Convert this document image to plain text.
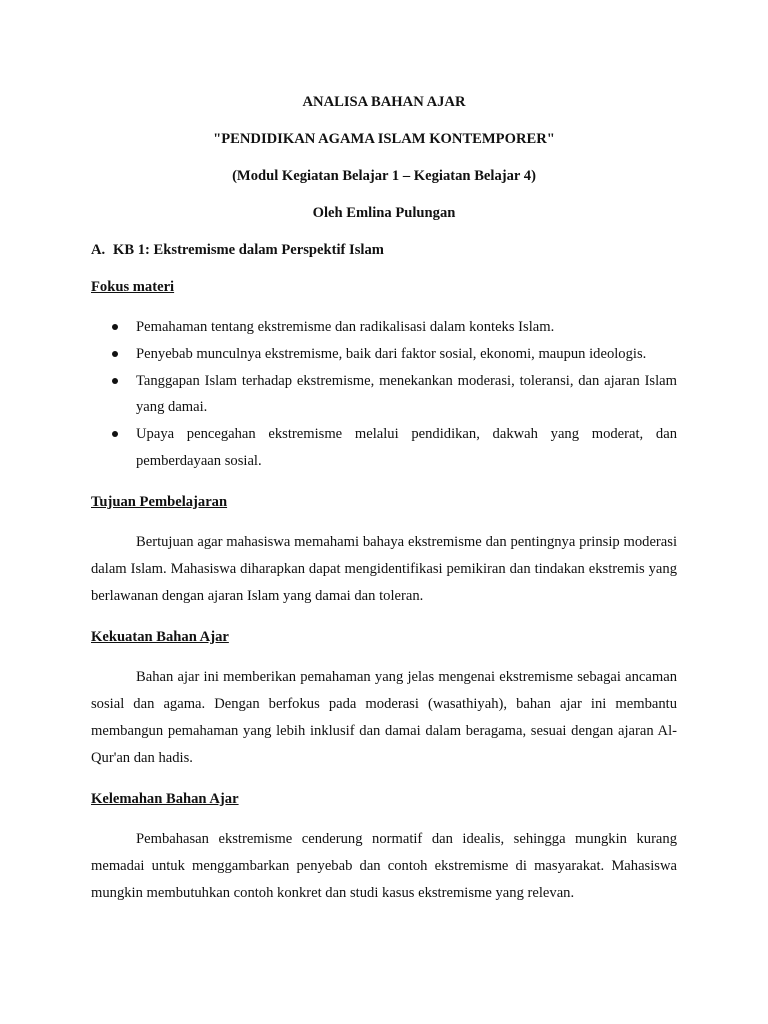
ANALISA BAHAN AJAR
"PENDIDIKAN AGAMA ISLAM KONTEMPORER"
(Modul Kegiatan Belajar 1 – Kegiatan Belajar 4)
Oleh Emlina Pulungan
A. KB 1: Ekstremisme dalam Perspektif Islam
Fokus materi
Pemahaman tentang ekstremisme dan radikalisasi dalam konteks Islam.
Penyebab munculnya ekstremisme, baik dari faktor sosial, ekonomi, maupun ideologis.
Tanggapan Islam terhadap ekstremisme, menekankan moderasi, toleransi, dan ajaran Islam yang damai.
Upaya pencegahan ekstremisme melalui pendidikan, dakwah yang moderat, dan pemberdayaan sosial.
Tujuan Pembelajaran

Bertujuan agar mahasiswa memahami bahaya ekstremisme dan pentingnya prinsip moderasi dalam Islam. Mahasiswa diharapkan dapat mengidentifikasi pemikiran dan tindakan ekstremis yang berlawanan dengan ajaran Islam yang damai dan toleran.

Kekuatan Bahan Ajar

Bahan ajar ini memberikan pemahaman yang jelas mengenai ekstremisme sebagai ancaman sosial dan agama. Dengan berfokus pada moderasi (wasathiyah), bahan ajar ini membantu membangun pemahaman yang lebih inklusif dan damai dalam beragama, sesuai dengan ajaran Al-Qur'an dan hadis.

Kelemahan Bahan Ajar

Pembahasan ekstremisme cenderung normatif dan idealis, sehingga mungkin kurang memadai untuk menggambarkan penyebab dan contoh ekstremisme di masyarakat. Mahasiswa mungkin membutuhkan contoh konkret dan studi kasus ekstremisme yang relevan.
